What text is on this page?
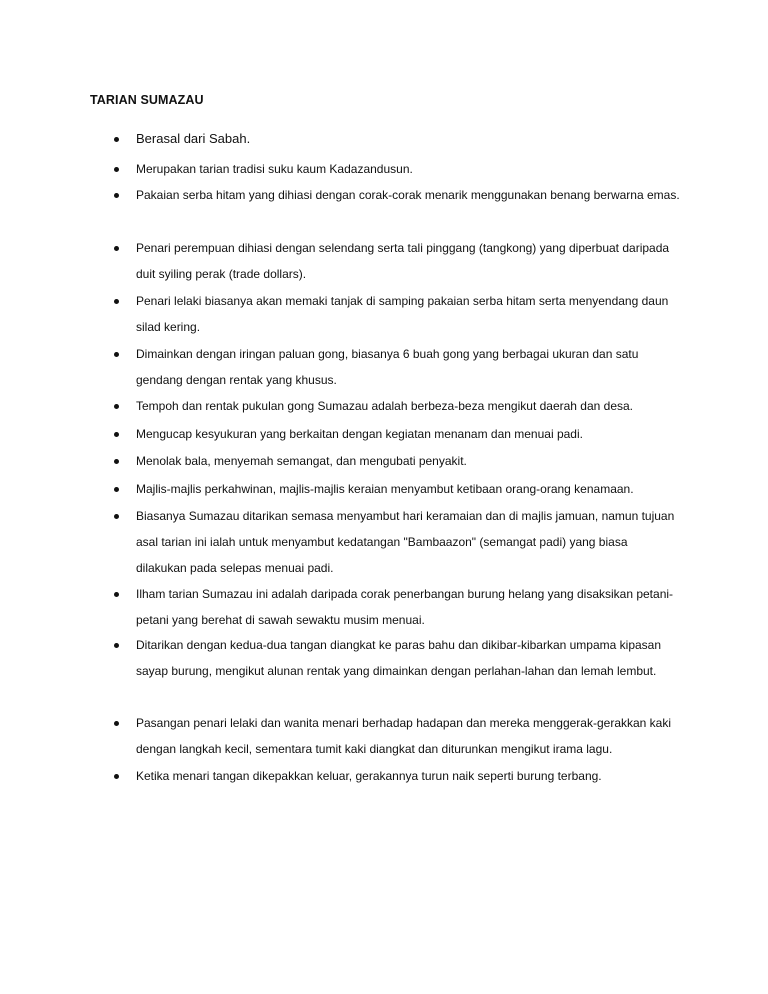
TARIAN SUMAZAU
Berasal dari Sabah.
Merupakan tarian tradisi suku kaum Kadazandusun.
Pakaian serba hitam yang dihiasi dengan corak-corak menarik menggunakan benang berwarna emas.
Penari perempuan dihiasi dengan selendang serta tali pinggang (tangkong) yang diperbuat daripada duit syiling perak (trade dollars).
Penari lelaki biasanya akan memaki tanjak di samping pakaian serba hitam serta menyendang daun silad kering.
Dimainkan dengan iringan paluan gong, biasanya 6 buah gong yang berbagai ukuran dan satu gendang dengan rentak yang khusus.
Tempoh dan rentak pukulan gong Sumazau adalah berbeza-beza mengikut daerah dan desa.
Mengucap kesyukuran yang berkaitan dengan kegiatan menanam dan menuai padi.
Menolak bala, menyemah semangat, dan mengubati penyakit.
Majlis-majlis perkahwinan, majlis-majlis keraian menyambut ketibaan orang-orang kenamaan.
Biasanya Sumazau ditarikan semasa menyambut hari keramaian dan di majlis jamuan, namun tujuan asal tarian ini ialah untuk menyambut kedatangan "Bambaazon" (semangat padi) yang biasa dilakukan pada selepas menuai padi.
Ilham tarian Sumazau ini adalah daripada corak penerbangan burung helang yang disaksikan petani-petani yang berehat di sawah sewaktu musim menuai.
Ditarikan dengan kedua-dua tangan diangkat ke paras bahu dan dikibar-kibarkan umpama kipasan sayap burung, mengikut alunan rentak yang dimainkan dengan perlahan-lahan dan lemah lembut.
Pasangan penari lelaki dan wanita menari berhadap hadapan dan mereka menggerak-gerakkan kaki dengan langkah kecil, sementara tumit kaki diangkat dan diturunkan mengikut irama lagu.
Ketika menari tangan dikepakkan keluar, gerakannya turun naik seperti burung terbang.
